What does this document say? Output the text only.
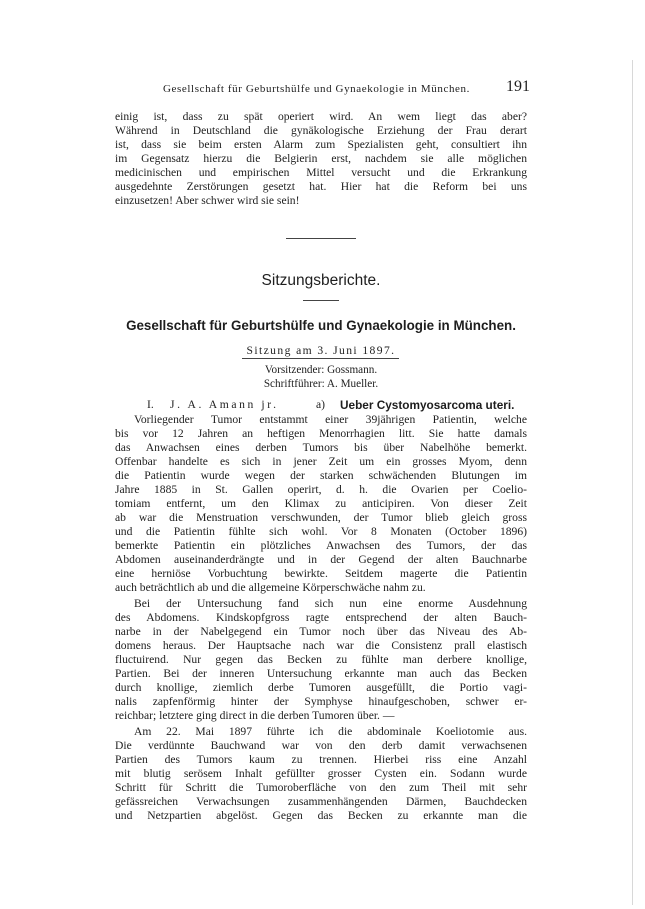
Gesellschaft für Geburtshülfe und Gynaekologie in München. 191
einig ist, dass zu spät operiert wird. An wem liegt das aber?
Während in Deutschland die gynäkologische Erziehung der Frau derart
ist, dass sie beim ersten Alarm zum Spezialisten geht, consultiert ihn
im Gegensatz hierzu die Belgierin erst, nachdem sie alle möglichen
medicinischen und empirischen Mittel versucht und die Erkrankung
ausgedehnte Zerstörungen gesetzt hat. Hier hat die Reform bei uns
einzusetzen! Aber schwer wird sie sein!
Sitzungsberichte.
Gesellschaft für Geburtshülfe und Gynaekologie in München.
Sitzung am 3. Juni 1897.
Vorsitzender: Gossmann.
Schriftführer: A. Mueller.
I. J. A. Amann jr.	a) Ueber Cystomyosarcoma uteri.
Vorliegender Tumor entstammt einer 39jährigen Patientin, welche
bis vor 12 Jahren an heftigen Menorrhagien litt. Sie hatte damals
das Anwachsen eines derben Tumors bis über Nabelhöhe bemerkt.
Offenbar handelte es sich in jener Zeit um ein grosses Myom, denn
die Patientin wurde wegen der starken schwächenden Blutungen im
Jahre 1885 in St. Gallen operirt, d. h. die Ovarien per Coelio-
tomiam entfernt, um den Klimax zu anticipiren. Von dieser Zeit
ab war die Menstruation verschwunden, der Tumor blieb gleich gross
und die Patientin fühlte sich wohl. Vor 8 Monaten (October 1896)
bemerkte Patientin ein plötzliches Anwachsen des Tumors, der das
Abdomen auseinanderdrängte und in der Gegend der alten Bauchnarbe
eine herniöse Vorbuchtung bewirkte. Seitdem magerte die Patientin
auch beträchtlich ab und die allgemeine Körperschwäche nahm zu.
Bei der Untersuchung fand sich nun eine enorme Ausdehnung
des Abdomens. Kindskopfgross ragte entsprechend der alten Bauch-
narbe in der Nabelgegend ein Tumor noch über das Niveau des Ab-
domens heraus. Der Hauptsache nach war die Consistenz prall elastisch
fluctuirend. Nur gegen das Becken zu fühlte man derbere knollige,
Partien. Bei der inneren Untersuchung erkannte man auch das Becken
durch knollige, ziemlich derbe Tumoren ausgefüllt, die Portio vagi-
nalis zapfenförmig hinter der Symphyse hinaufgeschoben, schwer er-
reichbar; letztere ging direct in die derben Tumoren über. —
Am 22. Mai 1897 führte ich die abdominale Koeliotomie aus.
Die verdünnte Bauchwand war von den derb damit verwachsenen
Partien des Tumors kaum zu trennen. Hierbei riss eine Anzahl
mit blutig serösem Inhalt gefüllter grosser Cysten ein. Sodann wurde
Schritt für Schritt die Tumoroberfläche von den zum Theil mit sehr
gefässreichen Verwachsungen zusammenhängenden Därmen, Bauchdecken
und Netzpartien abgelöst. Gegen das Becken zu erkannte man die
